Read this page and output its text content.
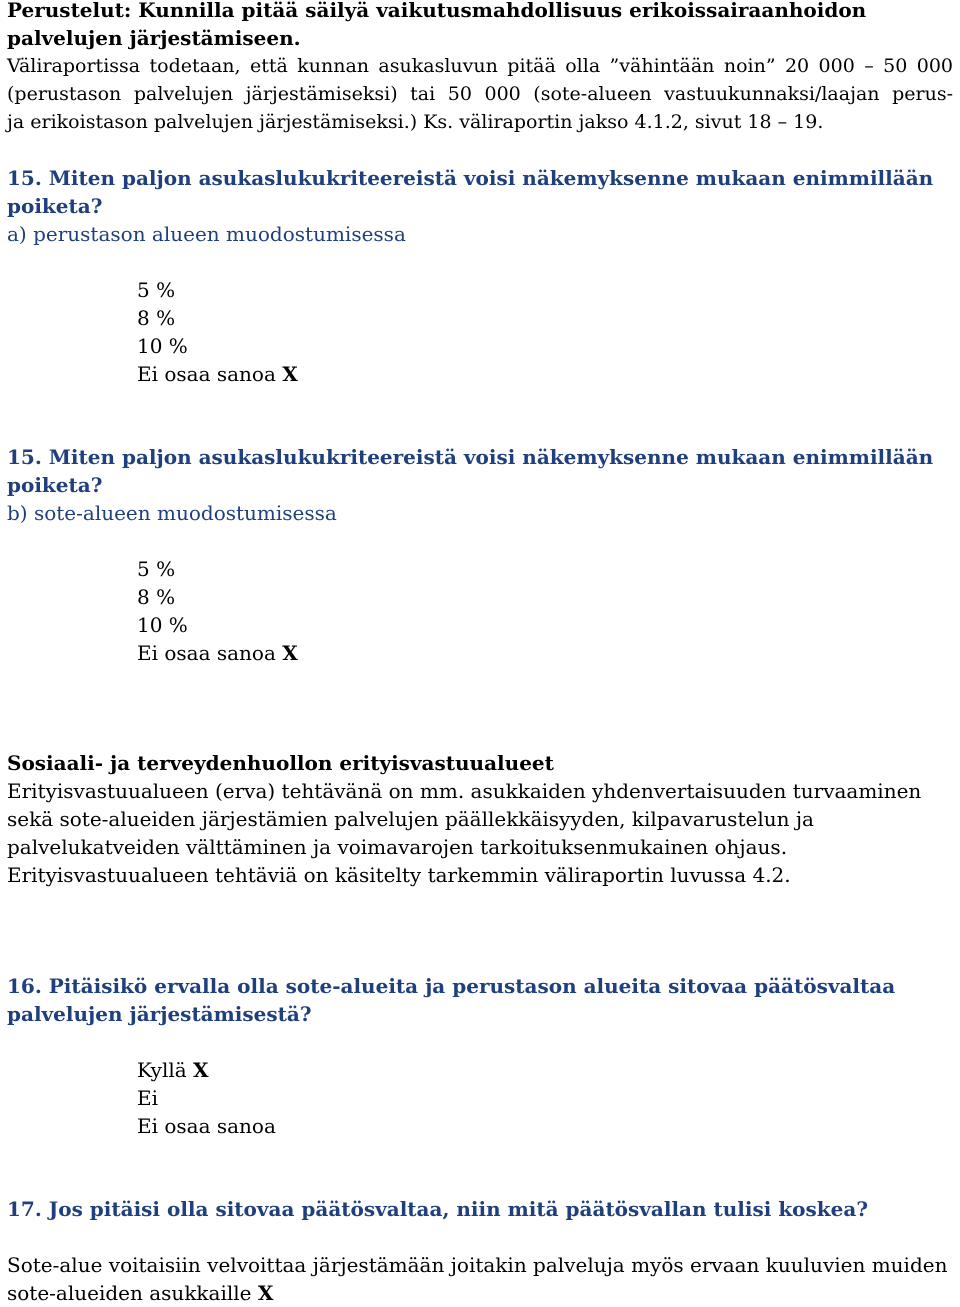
Perustelut: Kunnilla pitää säilyä vaikutusmahdollisuus erikoissairaanhoidon
palvelujen järjestämiseen.
Väliraportissa todetaan, että kunnan asukasluvun pitää olla ”vähintään noin” 20 000 – 50 000
(perustason palvelujen järjestämiseksi) tai 50 000 (sote-alueen vastuukunnaksi/laajan perus-
ja erikoistason palvelujen järjestämiseksi.) Ks. väliraportin jakso 4.1.2, sivut 18 – 19.
15. Miten paljon asukaslukukriteereistä voisi näkemyksenne mukaan enimmillään
poiketa?
a) perustason alueen muodostumisessa
5 %
8 %
10 %
Ei osaa sanoa X
15. Miten paljon asukaslukukriteereistä voisi näkemyksenne mukaan enimmillään
poiketa?
b) sote-alueen muodostumisessa
5 %
8 %
10 %
Ei osaa sanoa X
Sosiaali- ja terveydenhuollon erityisvastuualueet
Erityisvastuualueen (erva) tehtävänä on mm. asukkaiden yhdenvertaisuuden turvaaminen
sekä sote-alueiden järjestämien palvelujen päällekkäisyyden, kilpavarustelun ja
palvelukatveiden välttäminen ja voimavarojen tarkoituksenmukainen ohjaus.
Erityisvastuualueen tehtäviä on käsitelty tarkemmin väliraportin luvussa 4.2.
16. Pitäisikö ervalla olla sote-alueita ja perustason alueita sitovaa päätösvaltaa
palvelujen järjestämisestä?
Kyllä X
Ei
Ei osaa sanoa
17. Jos pitäisi olla sitovaa päätösvaltaa, niin mitä päätösvallan tulisi koskea?
Sote-alue voitaisiin velvoittaa järjestämään joitakin palveluja myös ervaan kuuluvien muiden
sote-alueiden asukkaille X
